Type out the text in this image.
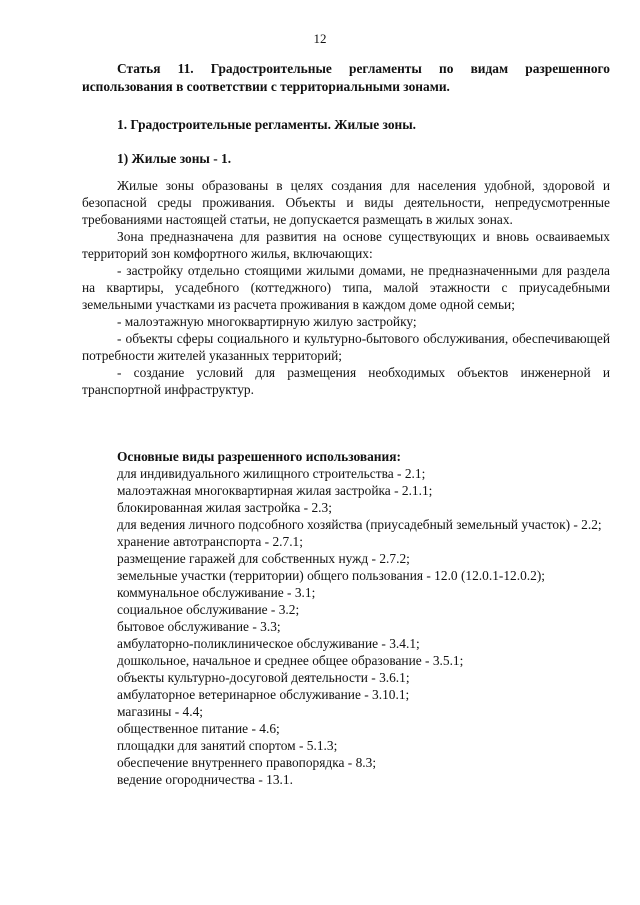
12
Статья 11. Градостроительные регламенты по видам разрешенного использования в соответствии с территориальными зонами.
1. Градостроительные регламенты. Жилые зоны.
1) Жилые зоны - 1.

Жилые зоны образованы в целях создания для населения удобной, здоровой и безопасной среды проживания. Объекты и виды деятельности, непредусмотренные требованиями настоящей статьи, не допускается размещать в жилых зонах.

Зона предназначена для развития на основе существующих и вновь осваиваемых территорий зон комфортного жилья, включающих:

- застройку отдельно стоящими жилыми домами, не предназначенными для раздела на квартиры, усадебного (коттеджного) типа, малой этажности с приусадебными земельными участками из расчета проживания в каждом доме одной семьи;

- малоэтажную многоквартирную жилую застройку;

- объекты сферы социального и культурно-бытового обслуживания, обеспечивающей потребности жителей указанных территорий;

- создание условий для размещения необходимых объектов инженерной и транспортной инфраструктур.

Основные виды разрешенного использования:

для индивидуального жилищного строительства - 2.1;

малоэтажная многоквартирная жилая застройка - 2.1.1;

блокированная жилая застройка - 2.3;

для ведения личного подсобного хозяйства (приусадебный земельный участок) - 2.2;

хранение автотранспорта - 2.7.1;

размещение гаражей для собственных нужд - 2.7.2;

земельные участки (территории) общего пользования - 12.0 (12.0.1-12.0.2);

коммунальное обслуживание - 3.1;

социальное обслуживание - 3.2;

бытовое обслуживание - 3.3;

амбулаторно-поликлиническое обслуживание - 3.4.1;

дошкольное, начальное и среднее общее образование - 3.5.1;

объекты культурно-досуговой деятельности - 3.6.1;

амбулаторное ветеринарное обслуживание - 3.10.1;

магазины - 4.4;

общественное питание - 4.6;

площадки для занятий спортом - 5.1.3;

обеспечение внутреннего правопорядка - 8.3;

ведение огородничества - 13.1.
